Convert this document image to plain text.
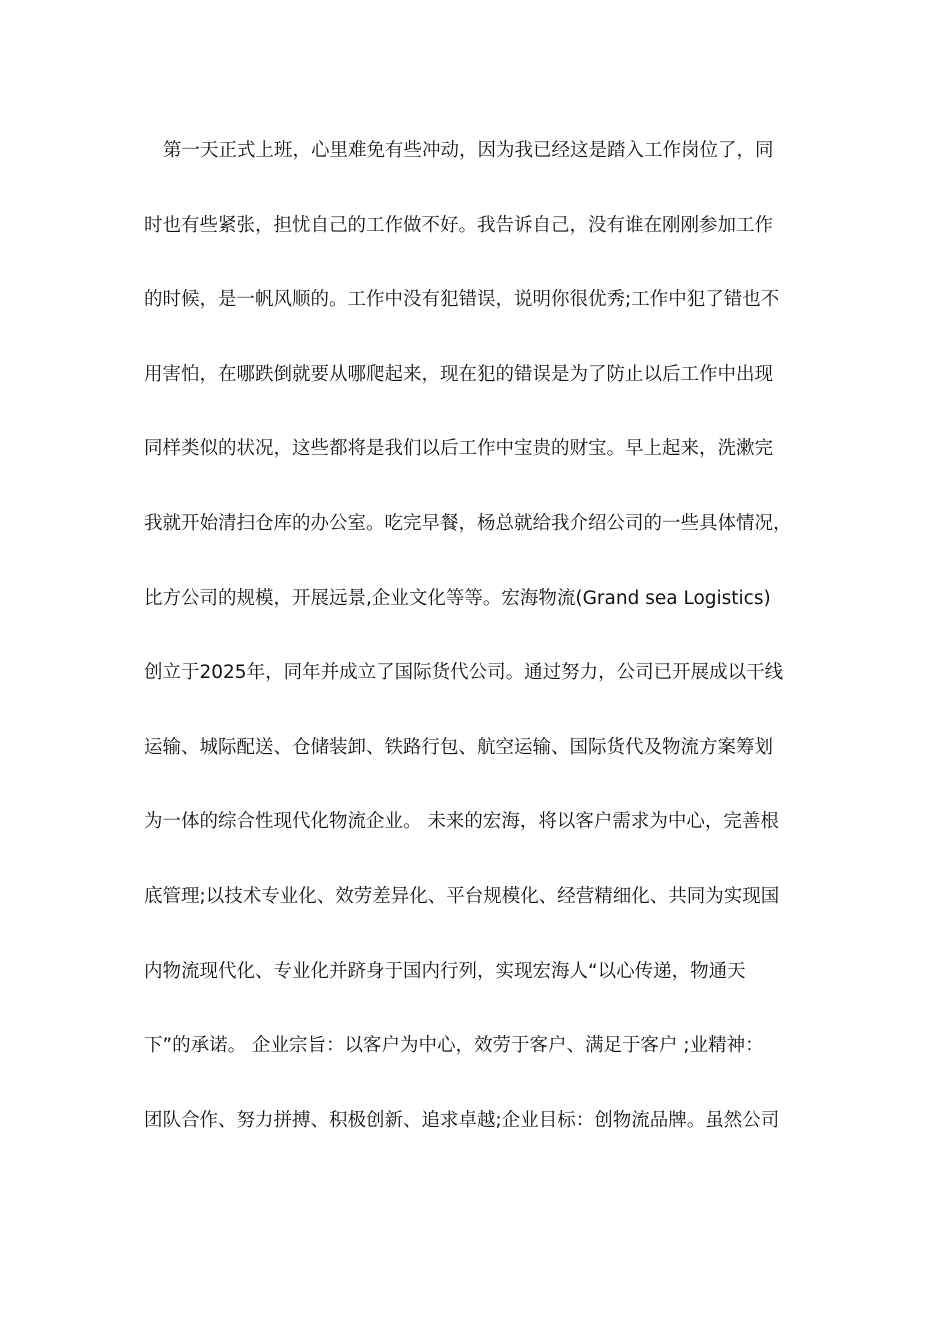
第一天正式上班，心里难免有些冲动，因为我已经这是踏入工作岗位了，同
时也有些紧张，担忧自己的工作做不好。我告诉自己，没有谁在刚刚参加工作
的时候，是一帆风顺的。工作中没有犯错误，说明你很优秀;工作中犯了错也不
用害怕，在哪跌倒就要从哪爬起来，现在犯的错误是为了防止以后工作中出现
同样类似的状况，这些都将是我们以后工作中宝贵的财宝。早上起来，洗漱完
我就开始清扫仓库的办公室。吃完早餐，杨总就给我介绍公司的一些具体情况，
比方公司的规模，开展远景,企业文化等等。宏海物流(Grand sea Logistics)
创立于2025年，同年并成立了国际货代公司。通过努力，公司已开展成以干线
运输、城际配送、仓储装卸、铁路行包、航空运输、国际货代及物流方案筹划
为一体的综合性现代化物流企业。 未来的宏海，将以客户需求为中心，完善根
底管理;以技术专业化、效劳差异化、平台规模化、经营精细化、共同为实现国
内物流现代化、专业化并跻身于国内行列，实现宏海人“以心传递，物通天
下”的承诺。 企业宗旨：以客户为中心，效劳于客户、满足于客户 ;业精神：
团队合作、努力拼搏、积极创新、追求卓越;企业目标：创物流品牌。虽然公司
